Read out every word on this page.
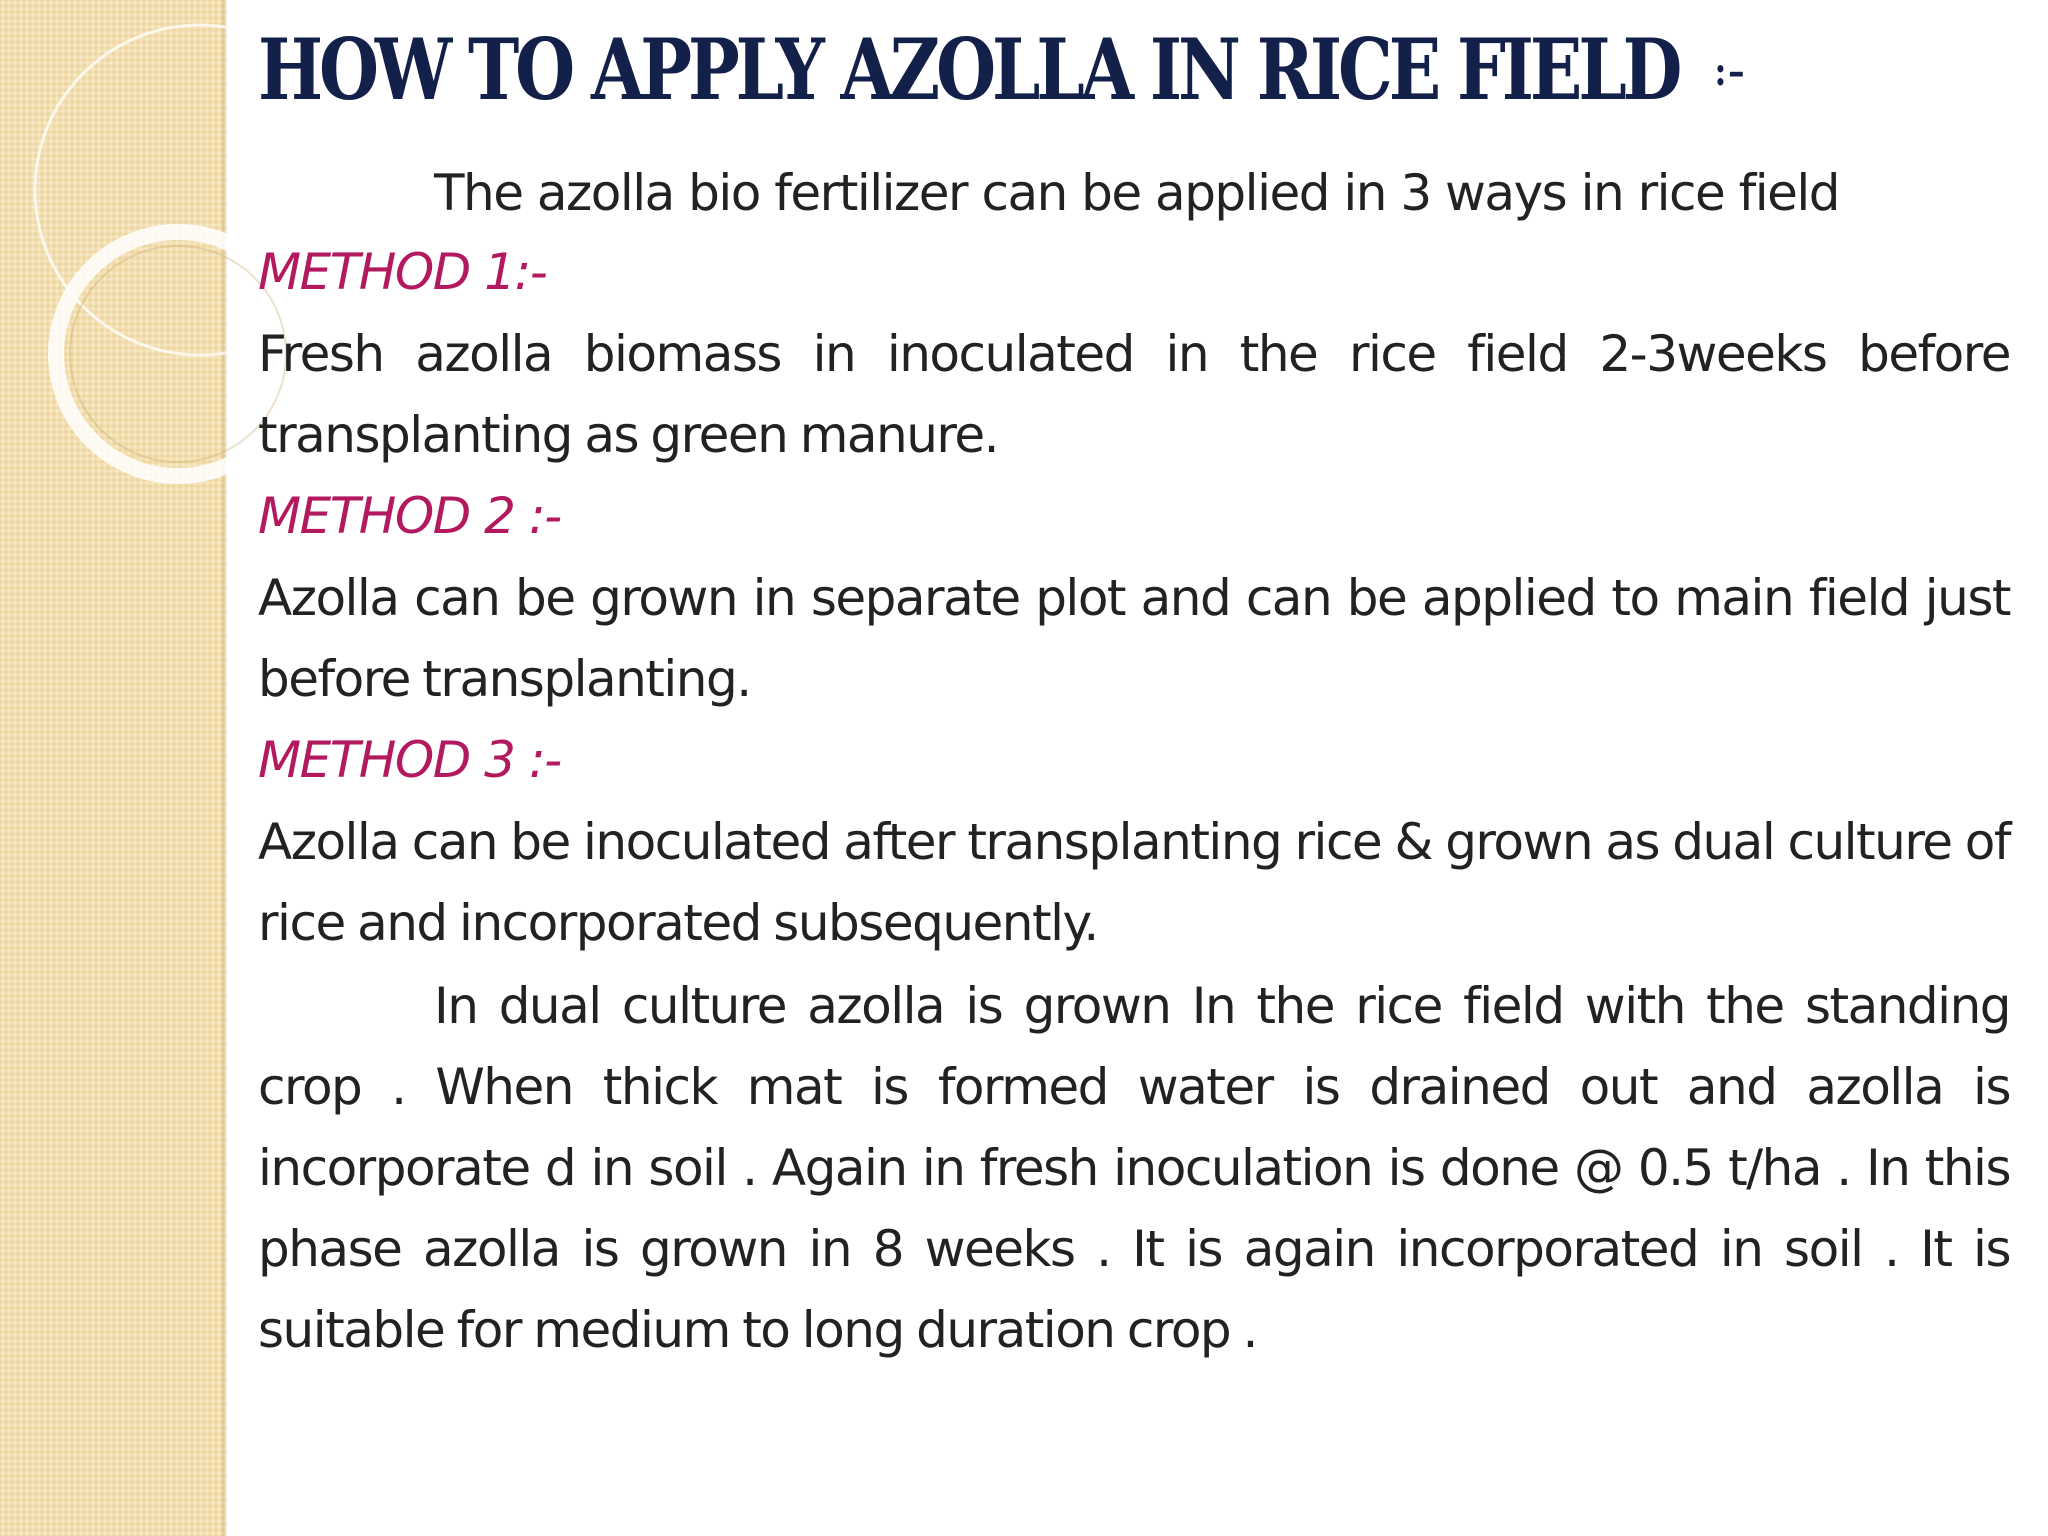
HOW TO APPLY AZOLLA IN RICE FIELD :–
The azolla bio fertilizer can be applied in 3 ways in rice field
METHOD 1:-
Fresh azolla biomass in inoculated in the rice field 2-3weeks before transplanting as green manure.
METHOD 2 :-
Azolla can be grown in separate plot and can be applied to main field just before transplanting.
METHOD 3 :-
Azolla can be inoculated after transplanting rice & grown as dual culture of rice and incorporated subsequently.
In dual culture azolla is grown In the rice field with the standing crop . When thick mat is formed water is drained out and azolla is incorporate d in soil . Again in fresh inoculation is done @ 0.5 t/ha . In this phase azolla is grown in 8 weeks . It is again incorporated in soil . It is suitable for medium to long duration crop .
